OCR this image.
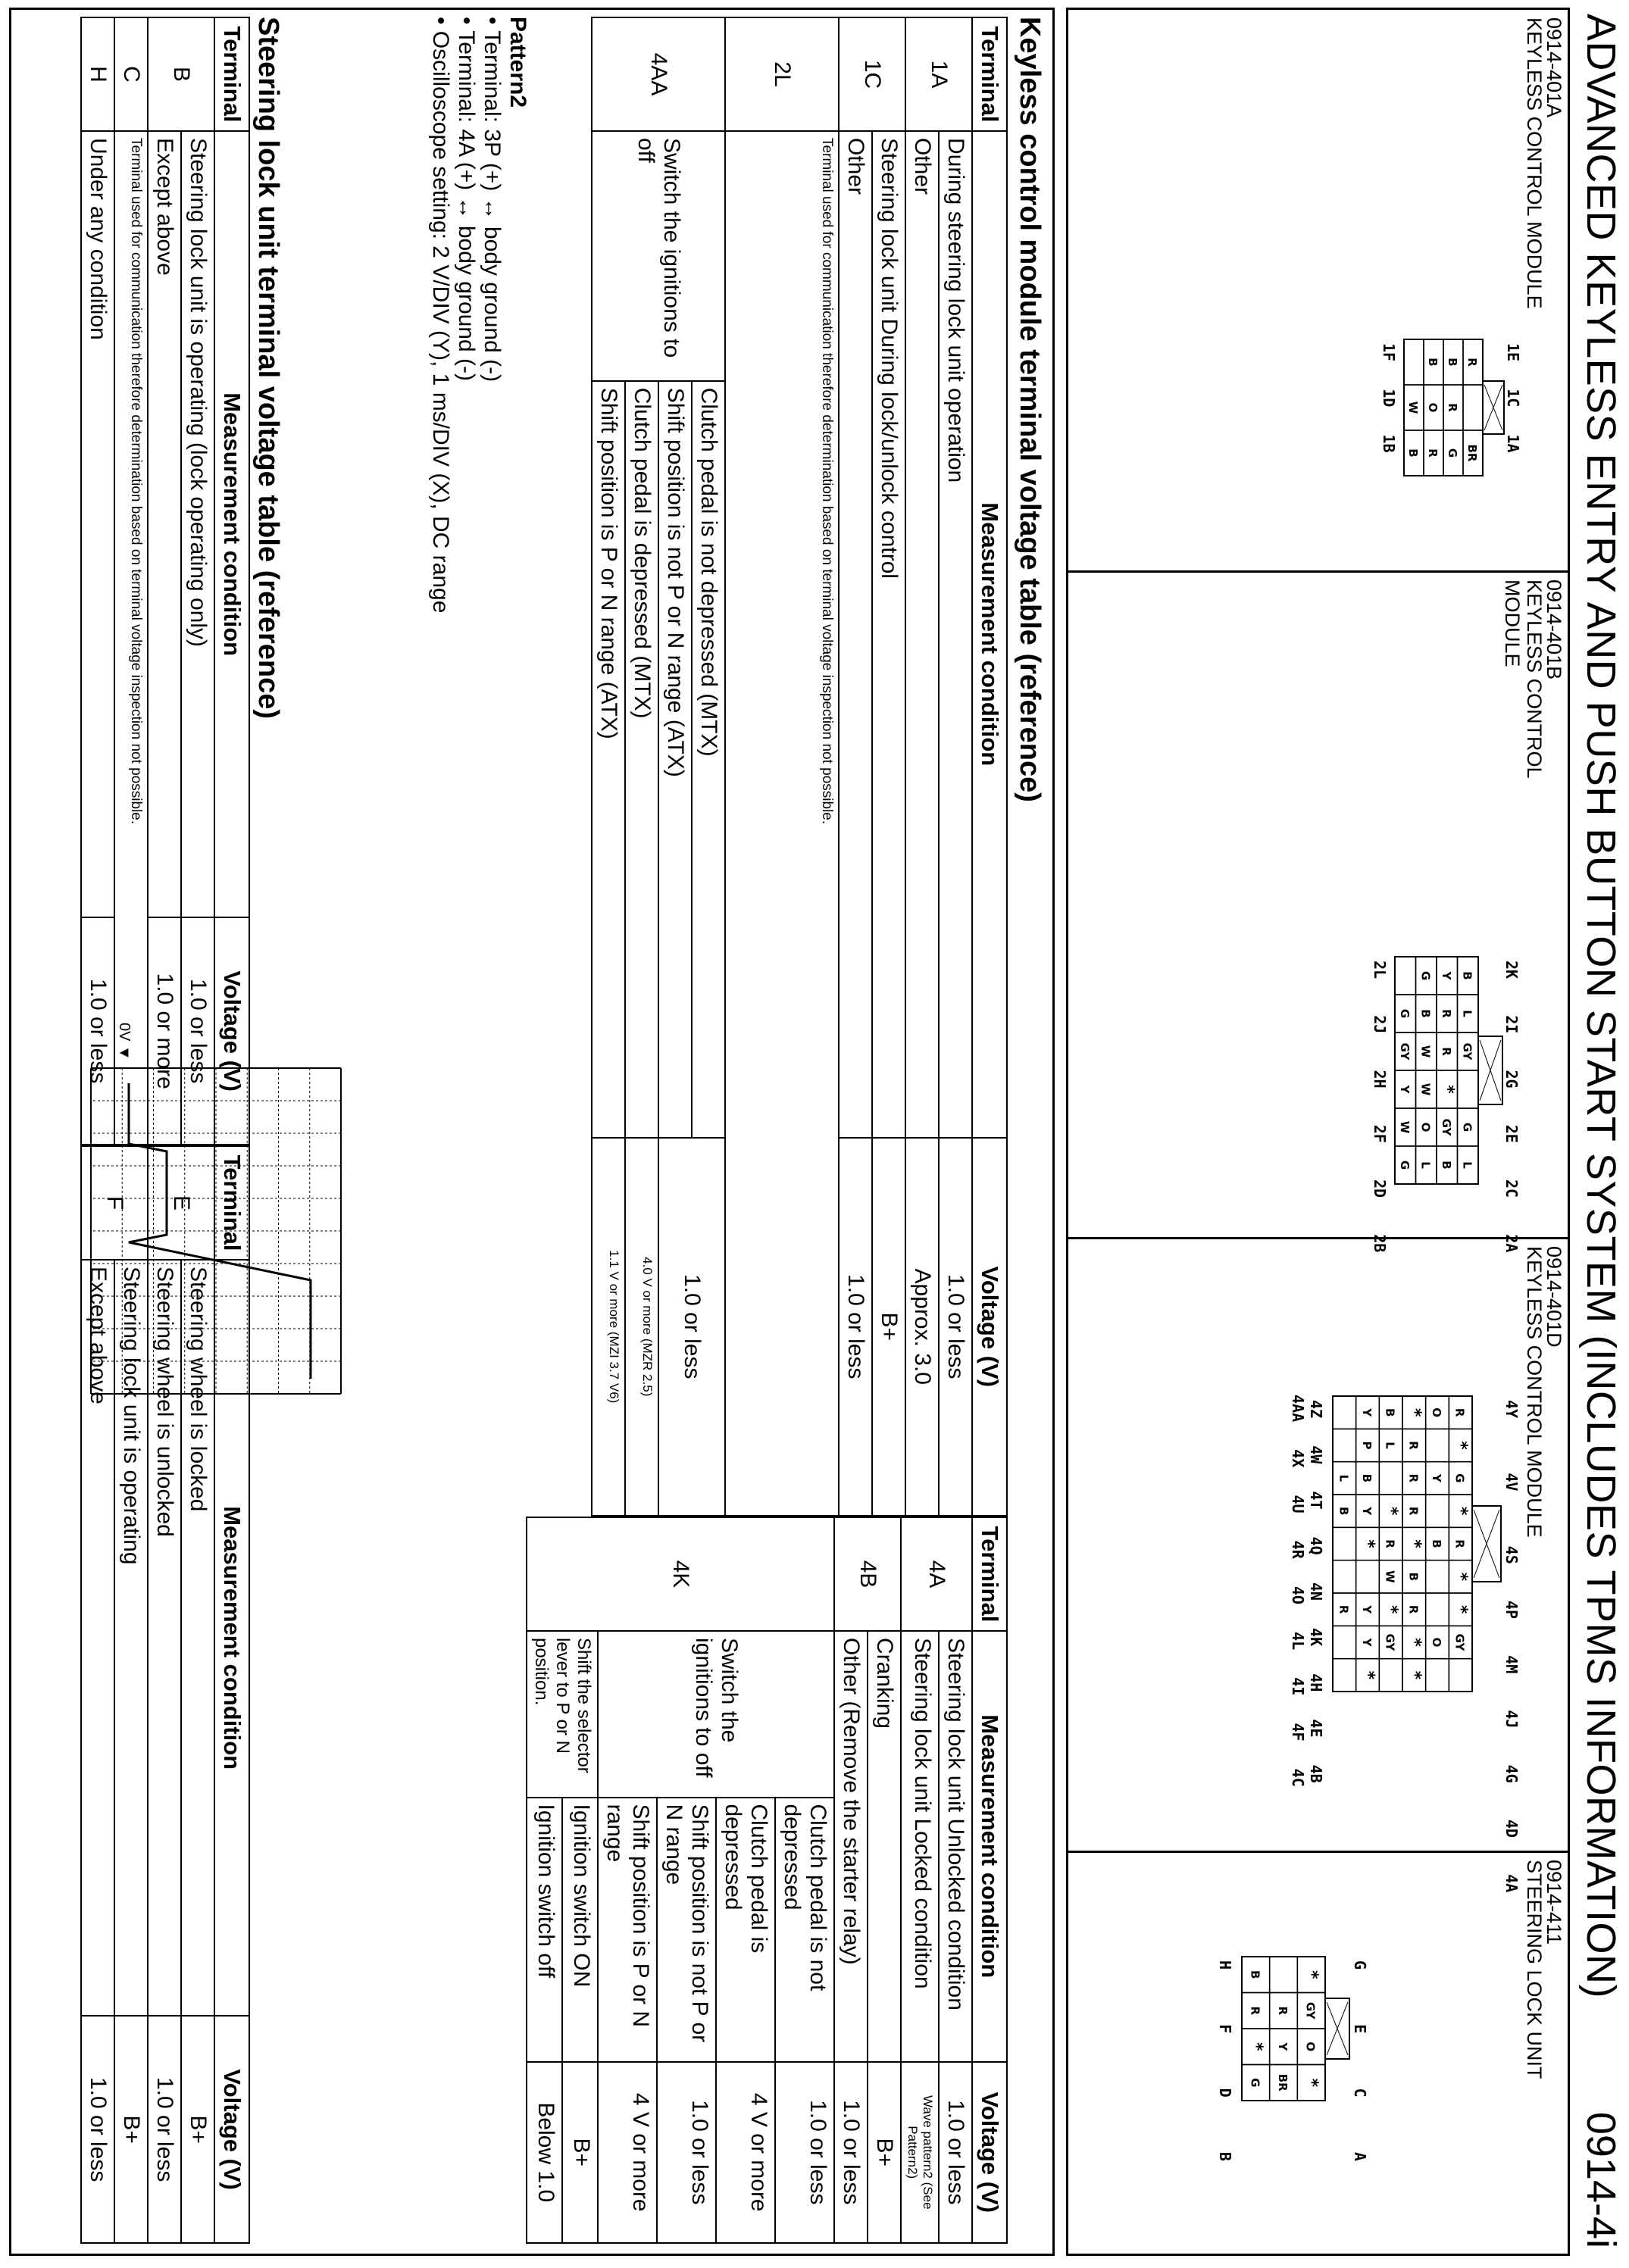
ADVANCED KEYLESS ENTRY AND PUSH BUTTON START SYSTEM (INCLUDES TPMS INFORMATION)
0914-4i
0914-401A
KEYLESS CONTROL MODULE
1E   1C   1A
R
BR
B
R
G
B
O
R
W
B
1F   1D   1B
0914-401B
KEYLESS CONTROL
MODULE
2K    2I    2G    2E    2C    2A
B
L
GY
G
L
Y
R
R
*
GY
B
G
B
W
W
O
L
G
GY
Y
W
G
2L    2J    2H    2F    2D    2B
0914-401D
KEYLESS CONTROL MODULE
4Y      4V      4S    4P    4M    4J    4G    4D    4A
R
*
G
*
R
*
*
GY
O
Y
B
O
*
R
R
R
*
B
R
*
*
B
L
*
R
W
*
GY
Y
P
B
Y
*
Y
Y
*
L
B
R
4Z   4W   4T   4Q   4N   4K   4H   4E   4B
4AA   4X   4U   4R   4O   4L   4I   4F   4C
0914-411
STEERING LOCK UNIT
G      E      C      A
*
GY
O
*
R
Y
BR
B
R
*
G
H      F      D      B
Keyless control module terminal voltage table (reference)
Terminal	Measurement condition		Voltage (V)
1A	During steering lock unit operation		1.0 or less
	Other		Approx. 3.0
1C	Steering lock unit During lock/unlock control		B+
	Other		1.0 or less
2L	Terminal used for communication therefore determination based on terminal voltage inspection not possible.		
4AA	Switch the ignitions to off	Clutch pedal is not depressed (MTX)	1.0 or less
		Shift position is not P or N range (ATX)	
		Clutch pedal is depressed (MTX)	4.0 V or more (MZR 2.5)
		Shift position is P or N range (ATX)	1.1 V or more (MZI 3.7 V6)
Terminal	Measurement condition		Voltage (V)
4A	Steering lock unit Unlocked condition		1.0 or less
	Steering lock unit Locked condition		Wave pattern2 (See Pattern2)
4B	Cranking		B+
	Other (Remove the starter relay)		1.0 or less
4K	Switch the ignitions to off	Clutch pedal is not depressed	1.0 or less
		Clutch pedal is depressed	4 V or more
		Shift position is not P or N range	1.0 or less
		Shift position is P or N range	4 V or more
	Shift the selector lever to P or N position.	Ignition switch ON	B+
		Ignition switch off	Below 1.0
Pattern2
• Terminal: 3P (+) ↔ body ground (-)
• Terminal: 4A (+) ↔ body ground (-)
• Oscilloscope setting: 2 V/DIV (Y), 1 ms/DIV (X), DC range
0V ▼
Steering lock unit terminal voltage table (reference)
Terminal	Measurement condition	Voltage (V)
B	Steering lock unit is operating (lock operating only)	1.0 or less
	Except above	1.0 or more
C	Terminal used for communication therefore determination based on terminal voltage inspection not possible.	
H	Under any condition	1.0 or less
Terminal	Measurement condition	Voltage (V)
E	Steering wheel is locked	B+
	Steering wheel is unlocked	1.0 or less
F	Steering lock unit is operating	B+
	Except above	1.0 or less
